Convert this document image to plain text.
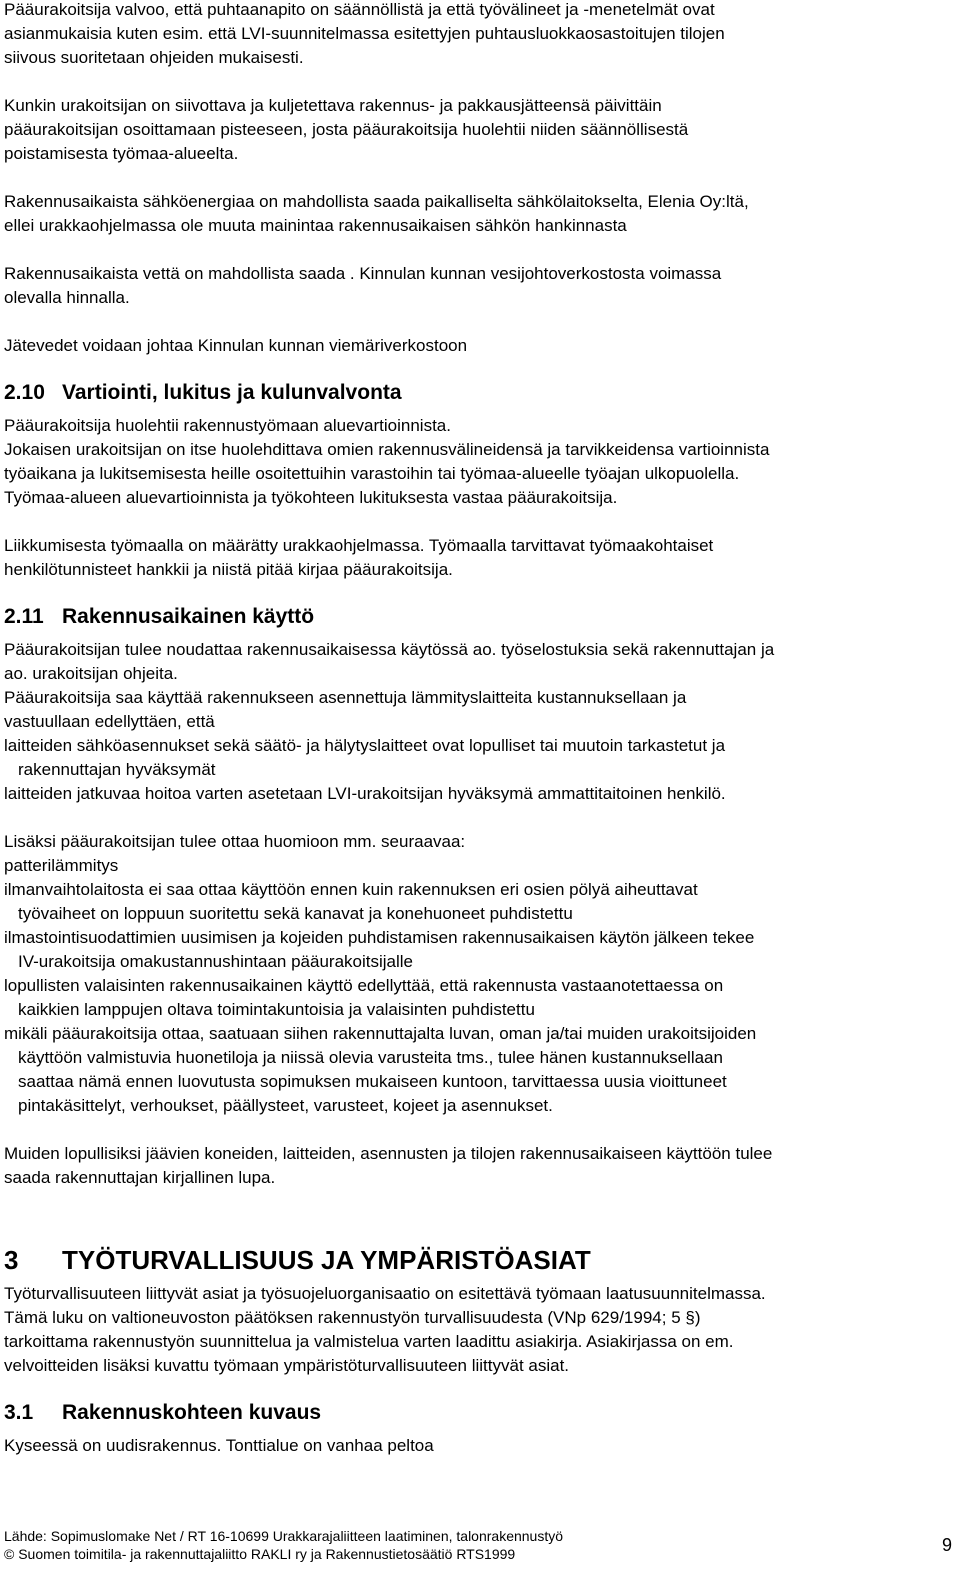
Pääurakoitsija valvoo, että puhtaanapito on säännöllistä ja että työvälineet ja -menetelmät ovat
asianmukaisia kuten esim. että LVI-suunnitelmassa esitettyjen puhtausluokkaosastoitujen tilojen
siivous suoritetaan ohjeiden mukaisesti.

Kunkin urakoitsijan on siivottava ja kuljetettava rakennus- ja pakkausjätteensä päivittäin
pääurakoitsijan osoittamaan pisteeseen, josta pääurakoitsija huolehtii niiden säännöllisestä
poistamisesta työmaa-alueelta.

Rakennusaikaista sähköenergiaa on mahdollista saada paikalliselta sähkölaitokselta, Elenia Oy:ltä,
ellei urakkaohjelmassa ole muuta mainintaa rakennusaikaisen sähkön hankinnasta

Rakennusaikaista vettä on mahdollista saada . Kinnulan kunnan vesijohtoverkostosta voimassa
olevalla hinnalla.

Jätevedet voidaan johtaa Kinnulan kunnan viemäriverkostoon

2.10 Vartiointi, lukitus ja kulunvalvonta

Pääurakoitsija huolehtii rakennustyömaan aluevartioinnista.
Jokaisen urakoitsijan on itse huolehdittava omien rakennusvälineidensä ja tarvikkeidensa vartioinnista
työaikana ja lukitsemisesta heille osoitettuihin varastoihin tai työmaa-alueelle työajan ulkopuolella.
Työmaa-alueen aluevartioinnista ja työkohteen lukituksesta vastaa pääurakoitsija.

Liikkumisesta työmaalla on määrätty urakkaohjelmassa. Työmaalla tarvittavat työmaakohtaiset
henkilötunnisteet hankkii ja niistä pitää kirjaa pääurakoitsija.

2.11 Rakennusaikainen käyttö

Pääurakoitsijan tulee noudattaa rakennusaikaisessa käytössä ao. työselostuksia sekä rakennuttajan ja
ao. urakoitsijan ohjeita.
Pääurakoitsija saa käyttää rakennukseen asennettuja lämmityslaitteita kustannuksellaan ja
vastuullaan edellyttäen, että

laitteiden sähköasennukset sekä säätö- ja hälytyslaitteet ovat lopulliset tai muutoin tarkastetut ja
rakennuttajan hyväksymät
laitteiden jatkuvaa hoitoa varten asetetaan LVI-urakoitsijan hyväksymä ammattitaitoinen henkilö.

Lisäksi pääurakoitsijan tulee ottaa huomioon mm. seuraavaa:

patterilämmitys
ilmanvaihtolaitosta ei saa ottaa käyttöön ennen kuin rakennuksen eri osien pölyä aiheuttavat
työvaiheet on loppuun suoritettu sekä kanavat ja konehuoneet puhdistettu
ilmastointisuodattimien uusimisen ja kojeiden puhdistamisen rakennusaikaisen käytön jälkeen tekee
IV-urakoitsija omakustannushintaan pääurakoitsijalle
lopullisten valaisinten rakennusaikainen käyttö edellyttää, että rakennusta vastaanotettaessa on
kaikkien lamppujen oltava toimintakuntoisia ja valaisinten puhdistettu
mikäli pääurakoitsija ottaa, saatuaan siihen rakennuttajalta luvan, oman ja/tai muiden urakoitsijoiden
käyttöön valmistuvia huonetiloja ja niissä olevia varusteita tms., tulee hänen kustannuksellaan
saattaa nämä ennen luovutusta sopimuksen mukaiseen kuntoon, tarvittaessa uusia vioittuneet
pintakäsittelyt, verhoukset, päällysteet, varusteet, kojeet ja asennukset.

Muiden lopullisiksi jäävien koneiden, laitteiden, asennusten ja tilojen rakennusaikaiseen käyttöön tulee
saada rakennuttajan kirjallinen lupa.

3 TYÖTURVALLISUUS JA YMPÄRISTÖASIAT

Työturvallisuuteen liittyvät asiat ja työsuojeluorganisaatio on esitettävä työmaan laatusuunnitelmassa.
Tämä luku on valtioneuvoston päätöksen rakennustyön turvallisuudesta (VNp 629/1994; 5 §)
tarkoittama rakennustyön suunnittelua ja valmistelua varten laadittu asiakirja. Asiakirjassa on em.
velvoitteiden lisäksi kuvattu työmaan ympäristöturvallisuuteen liittyvät asiat.

3.1 Rakennuskohteen kuvaus

Kyseessä on uudisrakennus. Tonttialue on vanhaa peltoa

Lähde: Sopimuslomake Net / RT 16-10699 Urakkarajaliitteen laatiminen, talonrakennustyö
© Suomen toimitila- ja rakennuttajaliitto RAKLI ry ja Rakennustietosäätiö RTS1999	9
